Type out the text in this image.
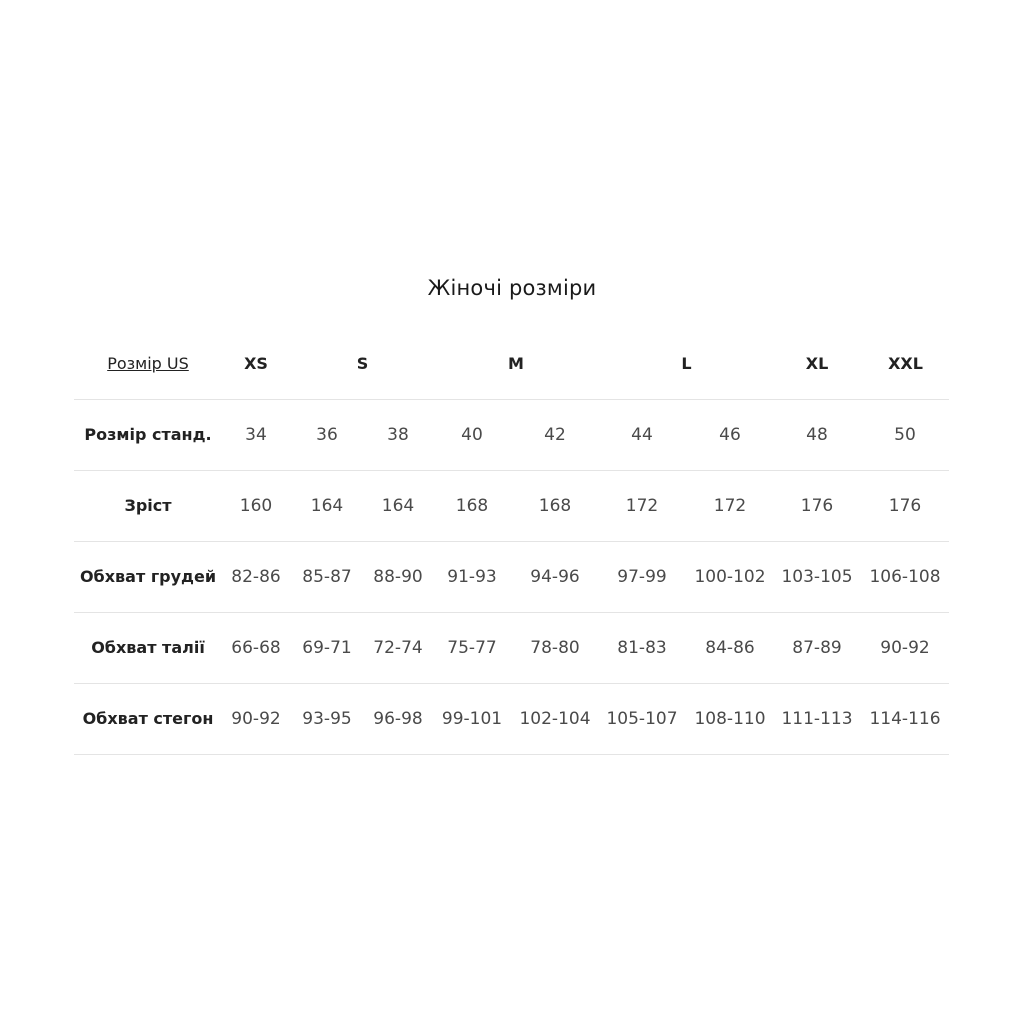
Жіночі розміри
Розмір US	XS	S	M	L	XL	XXL
Розмір станд.	34	36	38	40	42	44	46	48	50
Зріст	160	164	164	168	168	172	172	176	176
Обхват грудей 82-86	85-87	88-90	91-93	94-96	97-99	100-102 103-105 106-108
Обхват талії	66-68	69-71	72-74	75-77	78-80	81-83	84-86	87-89	90-92
Обхват стегон	90-92	93-95	96-98	99-101	102-104 105-107 108-110 111-113 114-116
